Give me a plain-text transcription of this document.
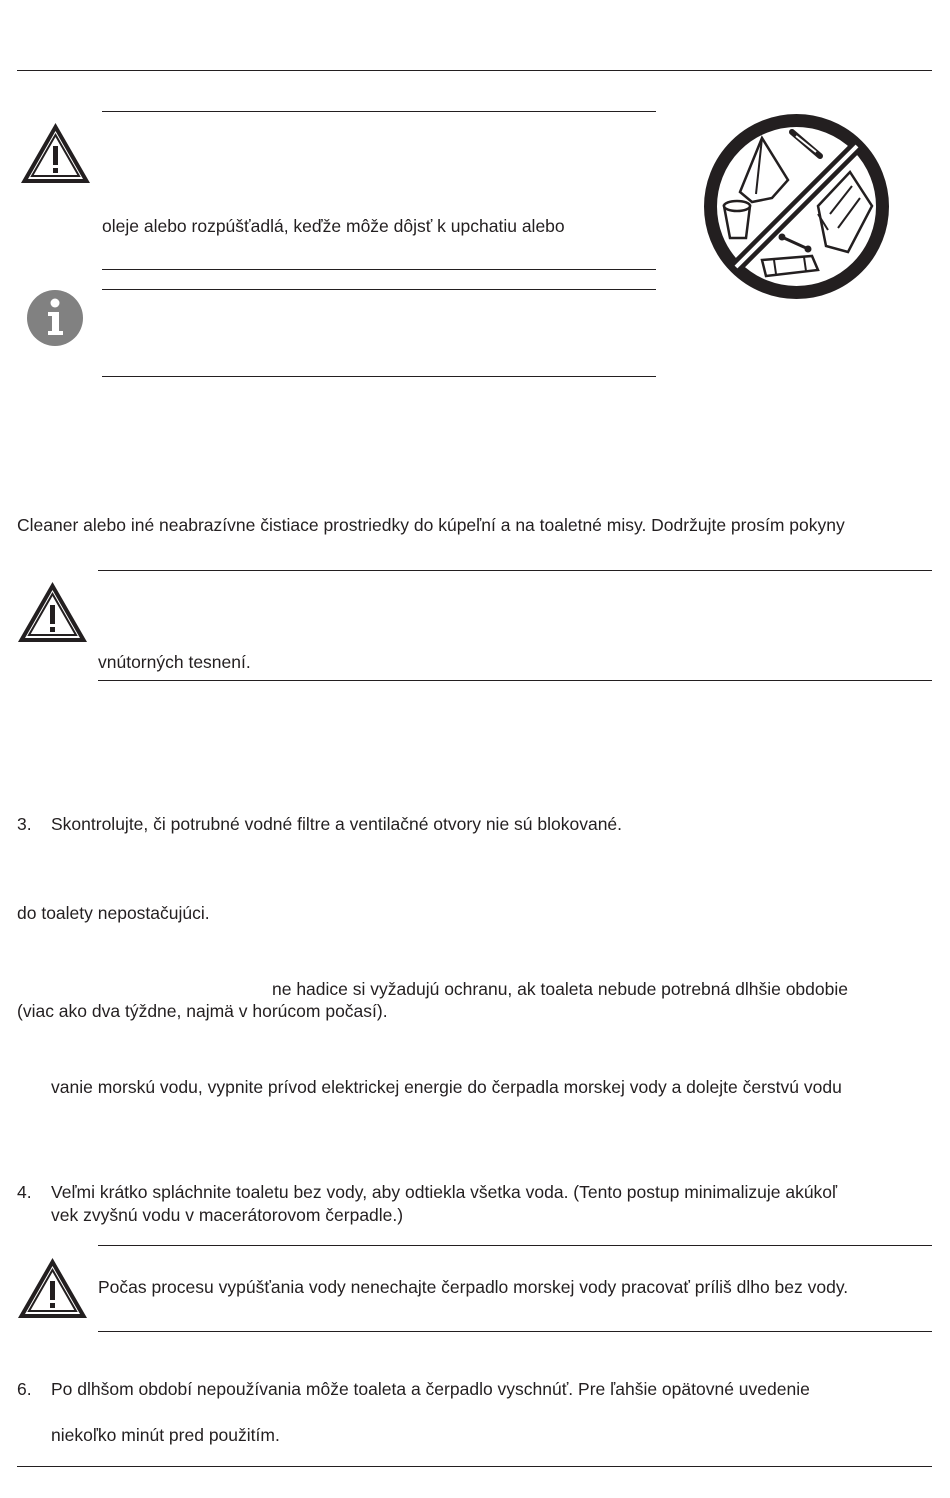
oleje alebo rozpúšťadlá, keďže môže dôjsť k upchatiu alebo
Cleaner alebo iné neabrazívne čistiace prostriedky do kúpeľní a na toaletné misy. Dodržujte prosím pokyny
vnútorných tesnení.
3. Skontrolujte, či potrubné vodné filtre a ventilačné otvory nie sú blokované.
do toalety nepostačujúci.
ne hadice si vyžadujú ochranu, ak toaleta nebude potrebná dlhšie obdobie
(viac ako dva týždne, najmä v horúcom počasí).
vanie morskú vodu, vypnite prívod elektrickej energie do čerpadla morskej vody a dolejte čerstvú vodu
4. Veľmi krátko spláchnite toaletu bez vody, aby odtiekla všetka voda. (Tento postup minimalizuje akúkoľ
vek zvyšnú vodu v macerátorovom čerpadle.)
Počas procesu vypúšťania vody nenechajte čerpadlo morskej vody pracovať príliš dlho bez vody.
6. Po dlhšom období nepoužívania môže toaleta a čerpadlo vyschnúť. Pre ľahšie opätovné uvedenie
niekoľko minút pred použitím.
